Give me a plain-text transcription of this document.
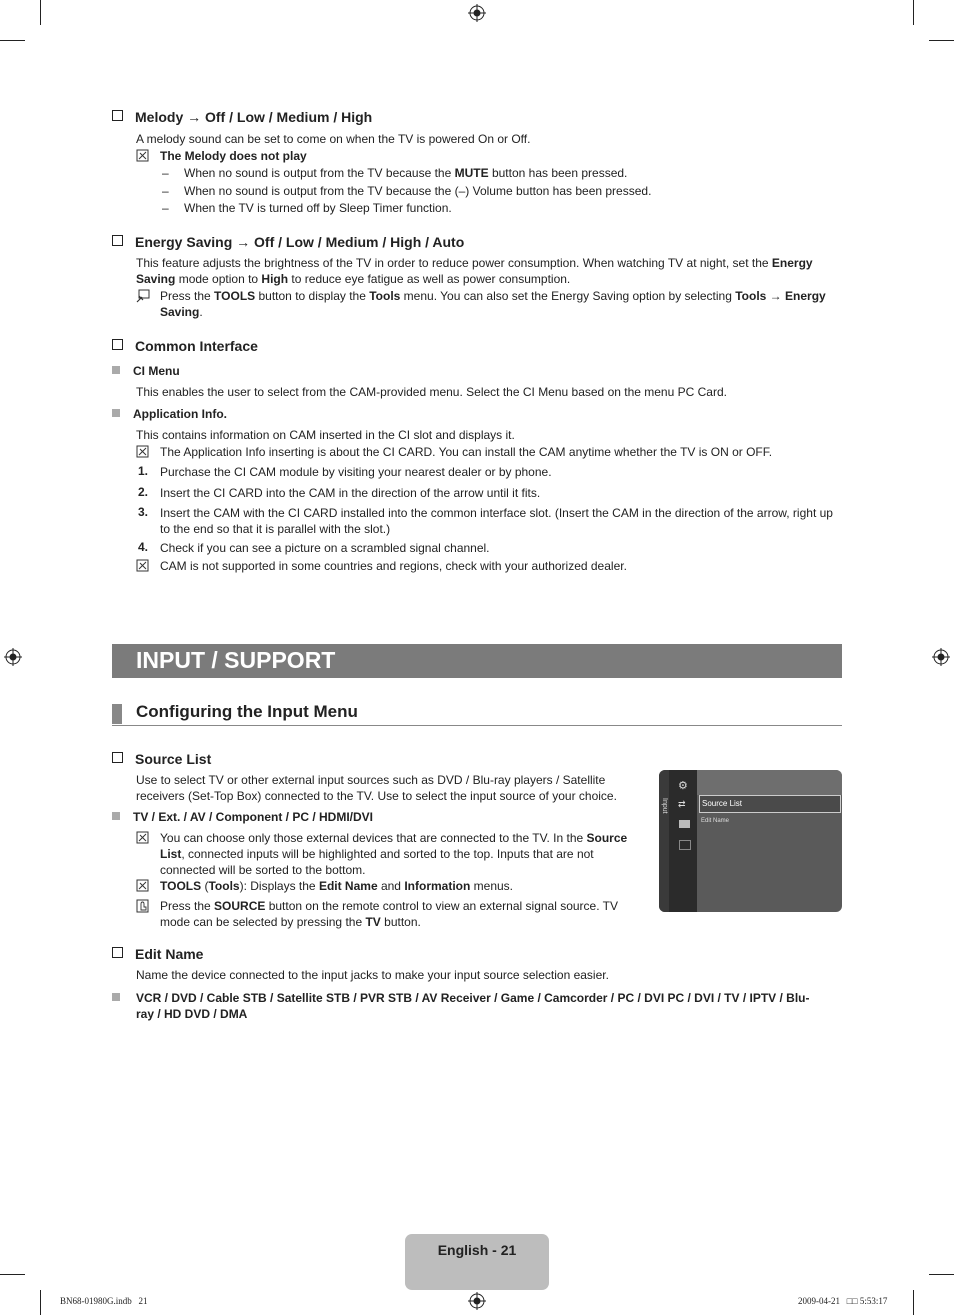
Melody → Off / Low / Medium / High
A melody sound can be set to come on when the TV is powered On or Off.
The Melody does not play
– When no sound is output from the TV because the MUTE button has been pressed.
– When no sound is output from the TV because the (–) Volume button has been pressed.
– When the TV is turned off by Sleep Timer function.
Energy Saving → Off / Low / Medium / High / Auto
This feature adjusts the brightness of the TV in order to reduce power consumption. When watching TV at night, set the Energy Saving mode option to High to reduce eye fatigue as well as power consumption.
Press the TOOLS button to display the Tools menu. You can also set the Energy Saving option by selecting Tools → Energy Saving.
Common Interface
CI Menu
This enables the user to select from the CAM-provided menu. Select the CI Menu based on the menu PC Card.
Application Info.
This contains information on CAM inserted in the CI slot and displays it.
The Application Info inserting is about the CI CARD. You can install the CAM anytime whether the TV is ON or OFF.
1. Purchase the CI CAM module by visiting your nearest dealer or by phone.
2. Insert the CI CARD into the CAM in the direction of the arrow until it fits.
3. Insert the CAM with the CI CARD installed into the common interface slot. (Insert the CAM in the direction of the arrow, right up to the end so that it is parallel with the slot.)
4. Check if you can see a picture on a scrambled signal channel.
CAM is not supported in some countries and regions, check with your authorized dealer.
INPUT / SUPPORT
Configuring the Input Menu
Source List
Use to select TV or other external input sources such as DVD / Blu-ray players / Satellite receivers (Set-Top Box) connected to the TV. Use to select the input source of your choice.
TV / Ext. / AV / Component / PC / HDMI/DVI
You can choose only those external devices that are connected to the TV. In the Source List, connected inputs will be highlighted and sorted to the top. Inputs that are not connected will be sorted to the bottom.
TOOLS (Tools): Displays the Edit Name and Information menus.
Press the SOURCE button on the remote control to view an external signal source. TV mode can be selected by pressing the TV button.
Input
⚙
⇄ Source List
Edit Name
Edit Name
Name the device connected to the input jacks to make your input source selection easier.
VCR / DVD / Cable STB / Satellite STB / PVR STB / AV Receiver / Game / Camcorder / PC / DVI PC / DVI / TV / IPTV / Blu-ray / HD DVD / DMA
English - 21
BN68-01980G.indb   21	2009-04-21   □□ 5:53:17
